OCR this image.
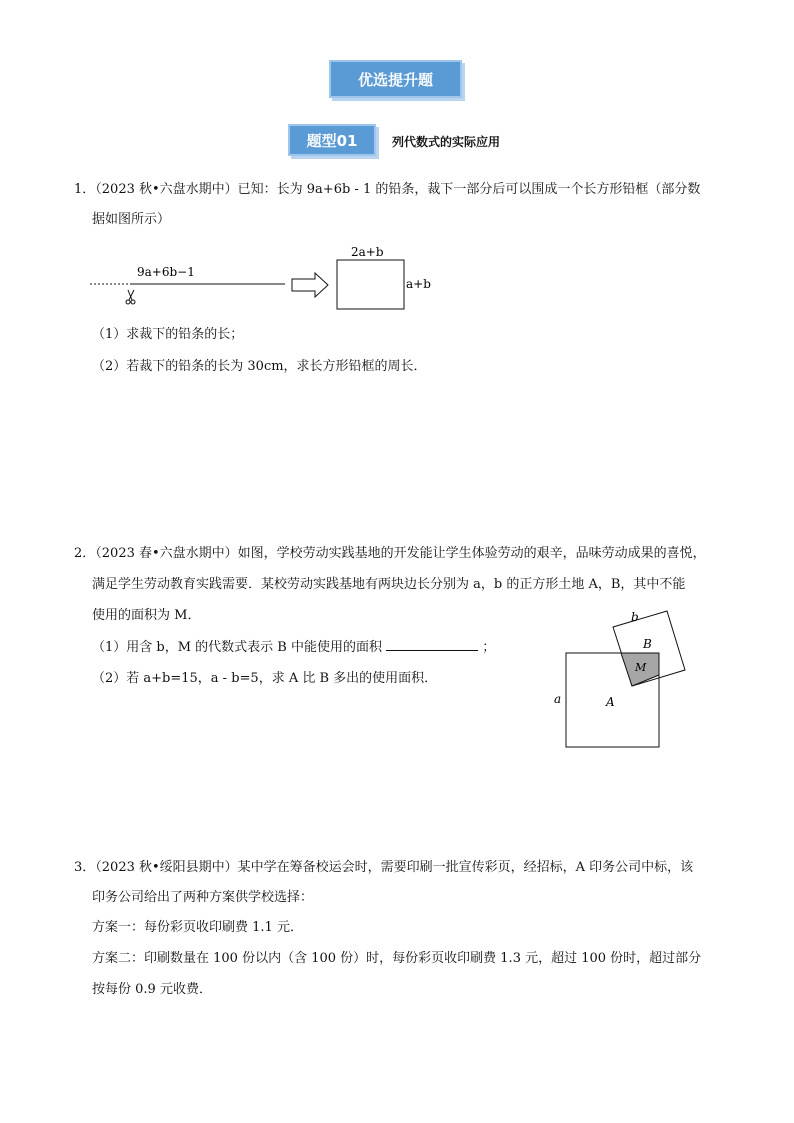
优选提升题
题型01	列代数式的实际应用
1．（2023 秋•六盘水期中）已知：长为 9a+6b - 1 的铅条，裁下一部分后可以围成一个长方形铅框（部分数
据如图所示）
9a+6b−1
2a+b
a+b
（1）求裁下的铅条的长；
（2）若裁下的铅条的长为 30cm，求长方形铅框的周长．
2．（2023 春•六盘水期中）如图，学校劳动实践基地的开发能让学生体验劳动的艰辛，品味劳动成果的喜悦，
满足学生劳动教育实践需要．某校劳动实践基地有两块边长分别为 a，b 的正方形土地 A，B，其中不能
使用的面积为 M．
（1）用含 b，M 的代数式表示 B 中能使用的面积	；
（2）若 a+b=15，a - b=5，求 A 比 B 多出的使用面积．
a	A
b
B
M
3．（2023 秋•绥阳县期中）某中学在筹备校运会时，需要印刷一批宣传彩页，经招标，A 印务公司中标，该
印务公司给出了两种方案供学校选择：
方案一：每份彩页收印刷费 1.1 元．
方案二：印刷数量在 100 份以内（含 100 份）时，每份彩页收印刷费 1.3 元，超过 100 份时，超过部分
按每份 0.9 元收费．
